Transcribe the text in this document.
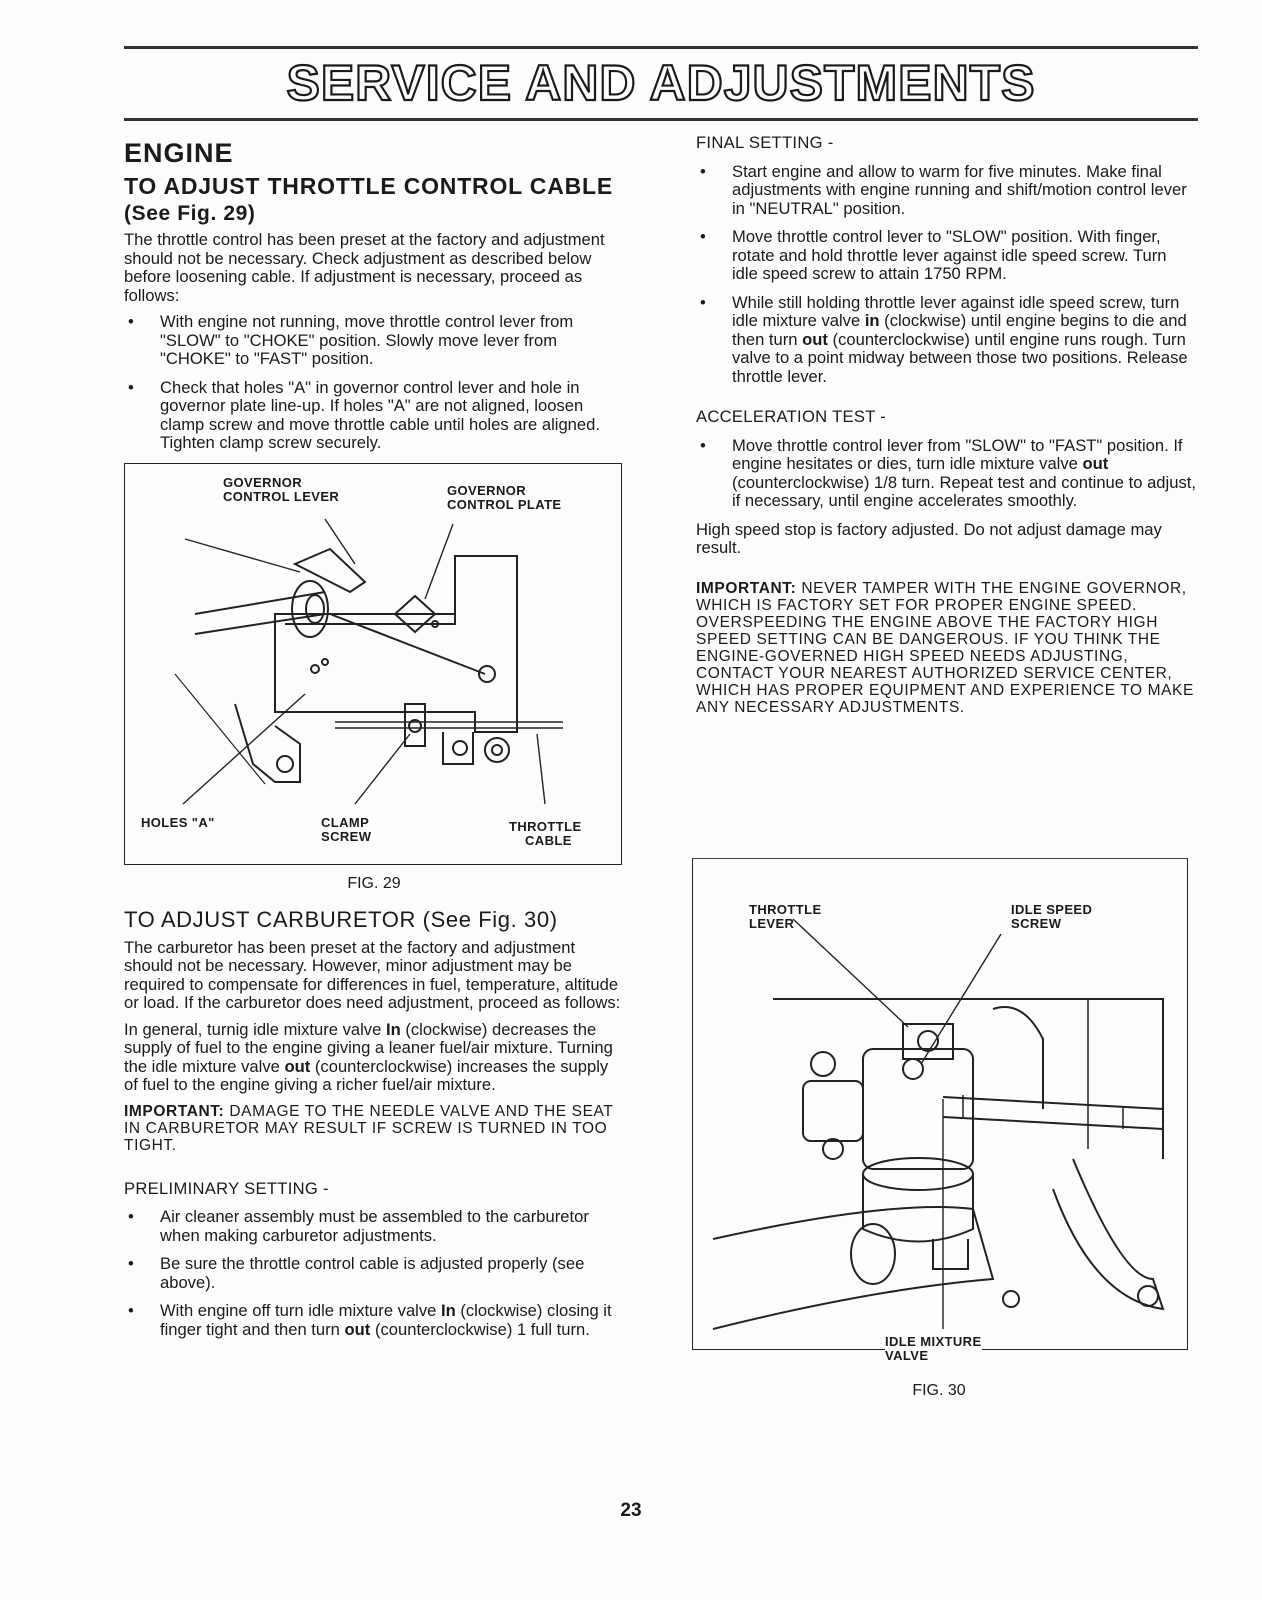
SERVICE AND ADJUSTMENTS
ENGINE
TO ADJUST THROTTLE CONTROL CABLE
(See Fig. 29)

The throttle control has been preset at the factory and adjustment should not be necessary. Check adjustment as described below before loosening cable. If adjustment is necessary, proceed as follows:

• With engine not running, move throttle control lever from "SLOW" to "CHOKE" position. Slowly move lever from "CHOKE" to "FAST" position.
• Check that holes "A" in governor control lever and hole in governor plate line-up. If holes "A" are not aligned, loosen clamp screw and move throttle cable until holes are aligned. Tighten clamp screw securely.
GOVERNOR
CONTROL LEVER	GOVERNOR
CONTROL PLATE
HOLES "A"	CLAMP
SCREW
THROTTLE
CABLE
FIG. 29
TO ADJUST CARBURETOR (See Fig. 30)

The carburetor has been preset at the factory and adjustment should not be necessary. However, minor adjustment may be required to compensate for differences in fuel, temperature, altitude or load. If the carburetor does need adjustment, proceed as follows:

In general, turnig idle mixture valve In (clockwise) decreases the supply of fuel to the engine giving a leaner fuel/air mixture. Turning the idle mixture valve out (counterclockwise) increases the supply of fuel to the engine giving a richer fuel/air mixture.

IMPORTANT: DAMAGE TO THE NEEDLE VALVE AND THE SEAT IN CARBURETOR MAY RESULT IF SCREW IS TURNED IN TOO TIGHT.

PRELIMINARY SETTING -

• Air cleaner assembly must be assembled to the carburetor when making carburetor adjustments.
• Be sure the throttle control cable is adjusted properly (see above).
• With engine off turn idle mixture valve In (clockwise) closing it finger tight and then turn out (counterclockwise) 1 full turn.

FINAL SETTING -

• Start engine and allow to warm for five minutes. Make final adjustments with engine running and shift/motion control lever in "NEUTRAL" position.
• Move throttle control lever to "SLOW" position. With finger, rotate and hold throttle lever against idle speed screw. Turn idle speed screw to attain 1750 RPM.
• While still holding throttle lever against idle speed screw, turn idle mixture valve in (clockwise) until engine begins to die and then turn out (counterclockwise) until engine runs rough. Turn valve to a point midway between those two positions. Release throttle lever.

ACCELERATION TEST -

• Move throttle control lever from "SLOW" to "FAST" position. If engine hesitates or dies, turn idle mixture valve out (counterclockwise) 1/8 turn. Repeat test and continue to adjust, if necessary, until engine accelerates smoothly.

High speed stop is factory adjusted. Do not adjust damage may result.

IMPORTANT: NEVER TAMPER WITH THE ENGINE GOVERNOR, WHICH IS FACTORY SET FOR PROPER ENGINE SPEED. OVERSPEEDING THE ENGINE ABOVE THE FACTORY HIGH SPEED SETTING CAN BE DANGEROUS. IF YOU THINK THE ENGINE-GOVERNED HIGH SPEED NEEDS ADJUSTING, CONTACT YOUR NEAREST AUTHORIZED SERVICE CENTER, WHICH HAS PROPER EQUIPMENT AND EXPERIENCE TO MAKE ANY NECESSARY ADJUSTMENTS.

THROTTLE
LEVER
IDLE SPEED
SCREW
IDLE MIXTURE
VALVE
FIG. 30
23
